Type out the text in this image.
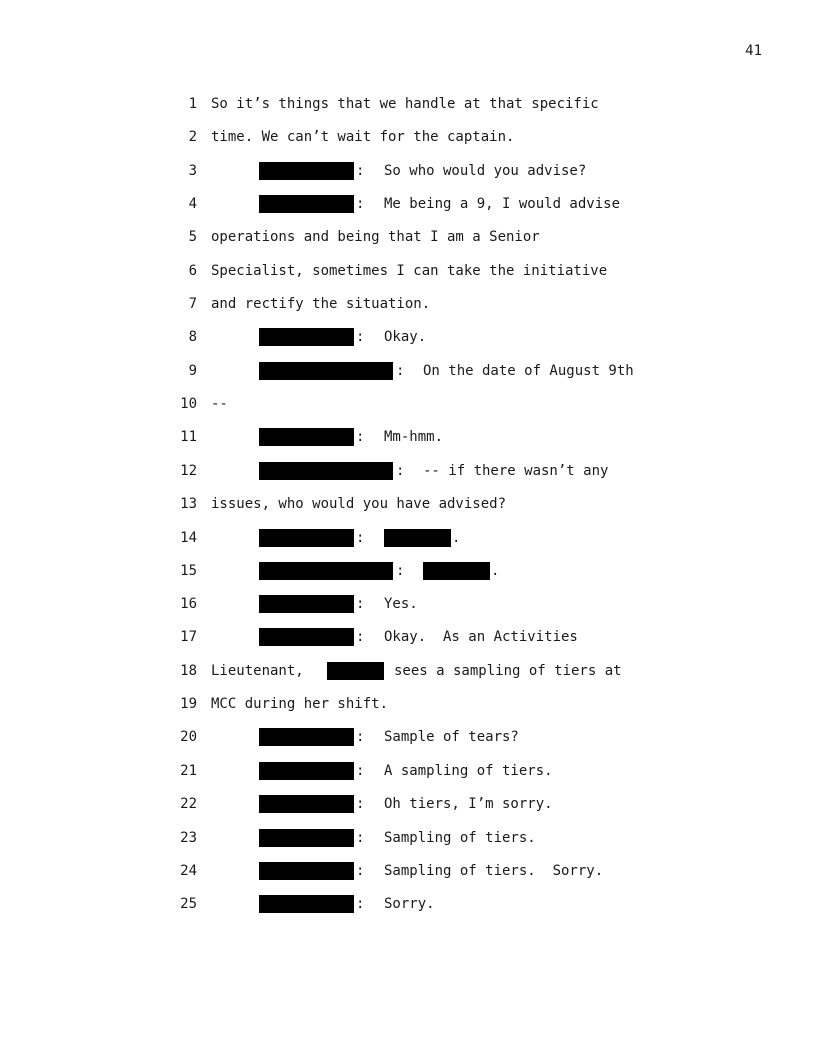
41
1 So it’s things that we handle at that specific
2 time. We can’t wait for the captain.
3	: So who would you advise?
4	: Me being a 9, I would advise
5 operations and being that I am a Senior
6 Specialist, sometimes I can take the initiative
7 and rectify the situation.
8	: Okay.
9	: On the date of August 9th
10 --
11	: Mm-hmm.
12	: -- if there wasn’t any
13 issues, who would you have advised?
14	:	.
15	:	.
16	: Yes.
17	: Okay.  As an Activities
18 Lieutenant,	sees a sampling of tiers at
19 MCC during her shift.
20	: Sample of tears?
21	: A sampling of tiers.
22	: Oh tiers, I’m sorry.
23	: Sampling of tiers.
24	: Sampling of tiers.  Sorry.
25	: Sorry.
